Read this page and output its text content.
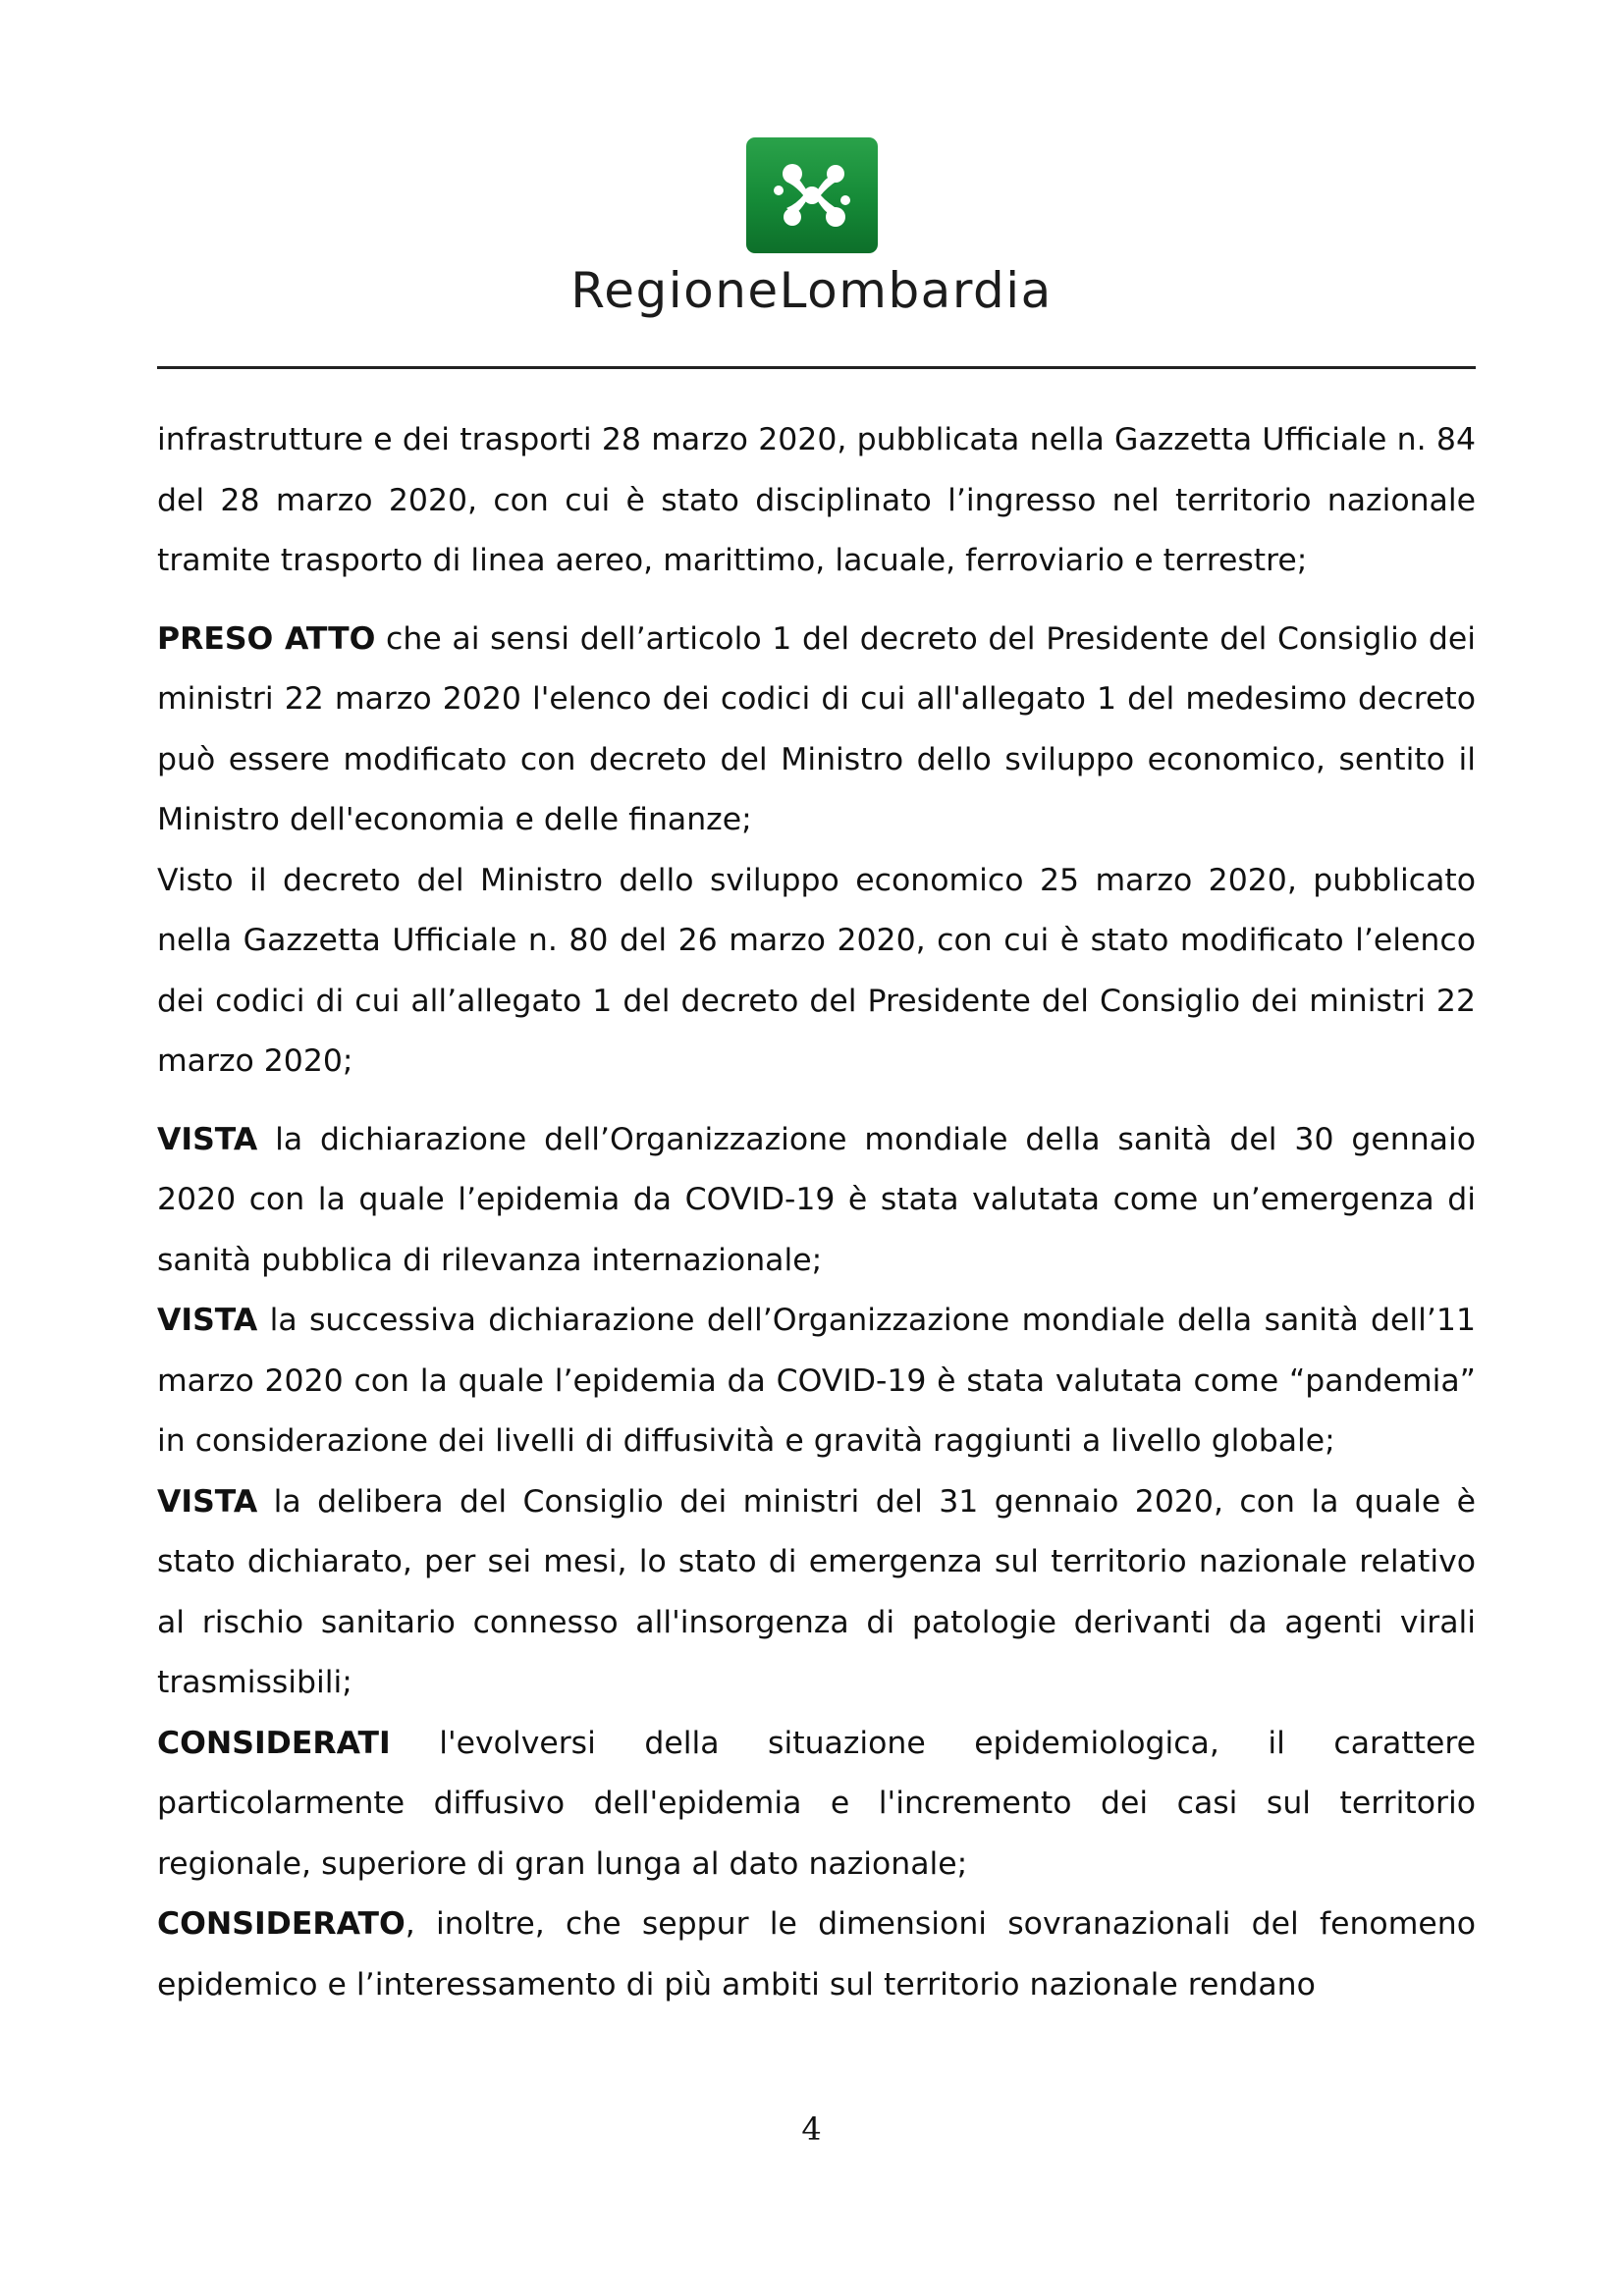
RegioneLombardia

infrastrutture e dei trasporti 28 marzo 2020, pubblicata nella Gazzetta Ufficiale n. 84 del 28 marzo 2020, con cui è stato disciplinato l’ingresso nel territorio nazionale tramite trasporto di linea aereo, marittimo, lacuale, ferroviario e terrestre;

PRESO ATTO che ai sensi dell’articolo 1 del decreto del Presidente del Consiglio dei ministri 22 marzo 2020 l'elenco dei codici di cui all'allegato 1 del medesimo decreto può essere modificato con decreto del Ministro dello sviluppo economico, sentito il Ministro dell'economia e delle finanze;

Visto il decreto del Ministro dello sviluppo economico 25 marzo 2020, pubblicato nella Gazzetta Ufficiale n. 80 del 26 marzo 2020, con cui è stato modificato l’elenco dei codici di cui all’allegato 1 del decreto del Presidente del Consiglio dei ministri 22 marzo 2020;

VISTA la dichiarazione dell’Organizzazione mondiale della sanità del 30 gennaio 2020 con la quale l’epidemia da COVID-19 è stata valutata come un’emergenza di sanità pubblica di rilevanza internazionale;

VISTA la successiva dichiarazione dell’Organizzazione mondiale della sanità dell’11 marzo 2020 con la quale l’epidemia da COVID-19 è stata valutata come “pandemia” in considerazione dei livelli di diffusività e gravità raggiunti a livello globale;

VISTA la delibera del Consiglio dei ministri del 31 gennaio 2020, con la quale è stato dichiarato, per sei mesi, lo stato di emergenza sul territorio nazionale relativo al rischio sanitario connesso all'insorgenza di patologie derivanti da agenti virali trasmissibili;

CONSIDERATI l'evolversi della situazione epidemiologica, il carattere particolarmente diffusivo dell'epidemia e l'incremento dei casi sul territorio regionale, superiore di gran lunga al dato nazionale;

CONSIDERATO, inoltre, che seppur le dimensioni sovranazionali del fenomeno epidemico e l’interessamento di più ambiti sul territorio nazionale rendano

4
